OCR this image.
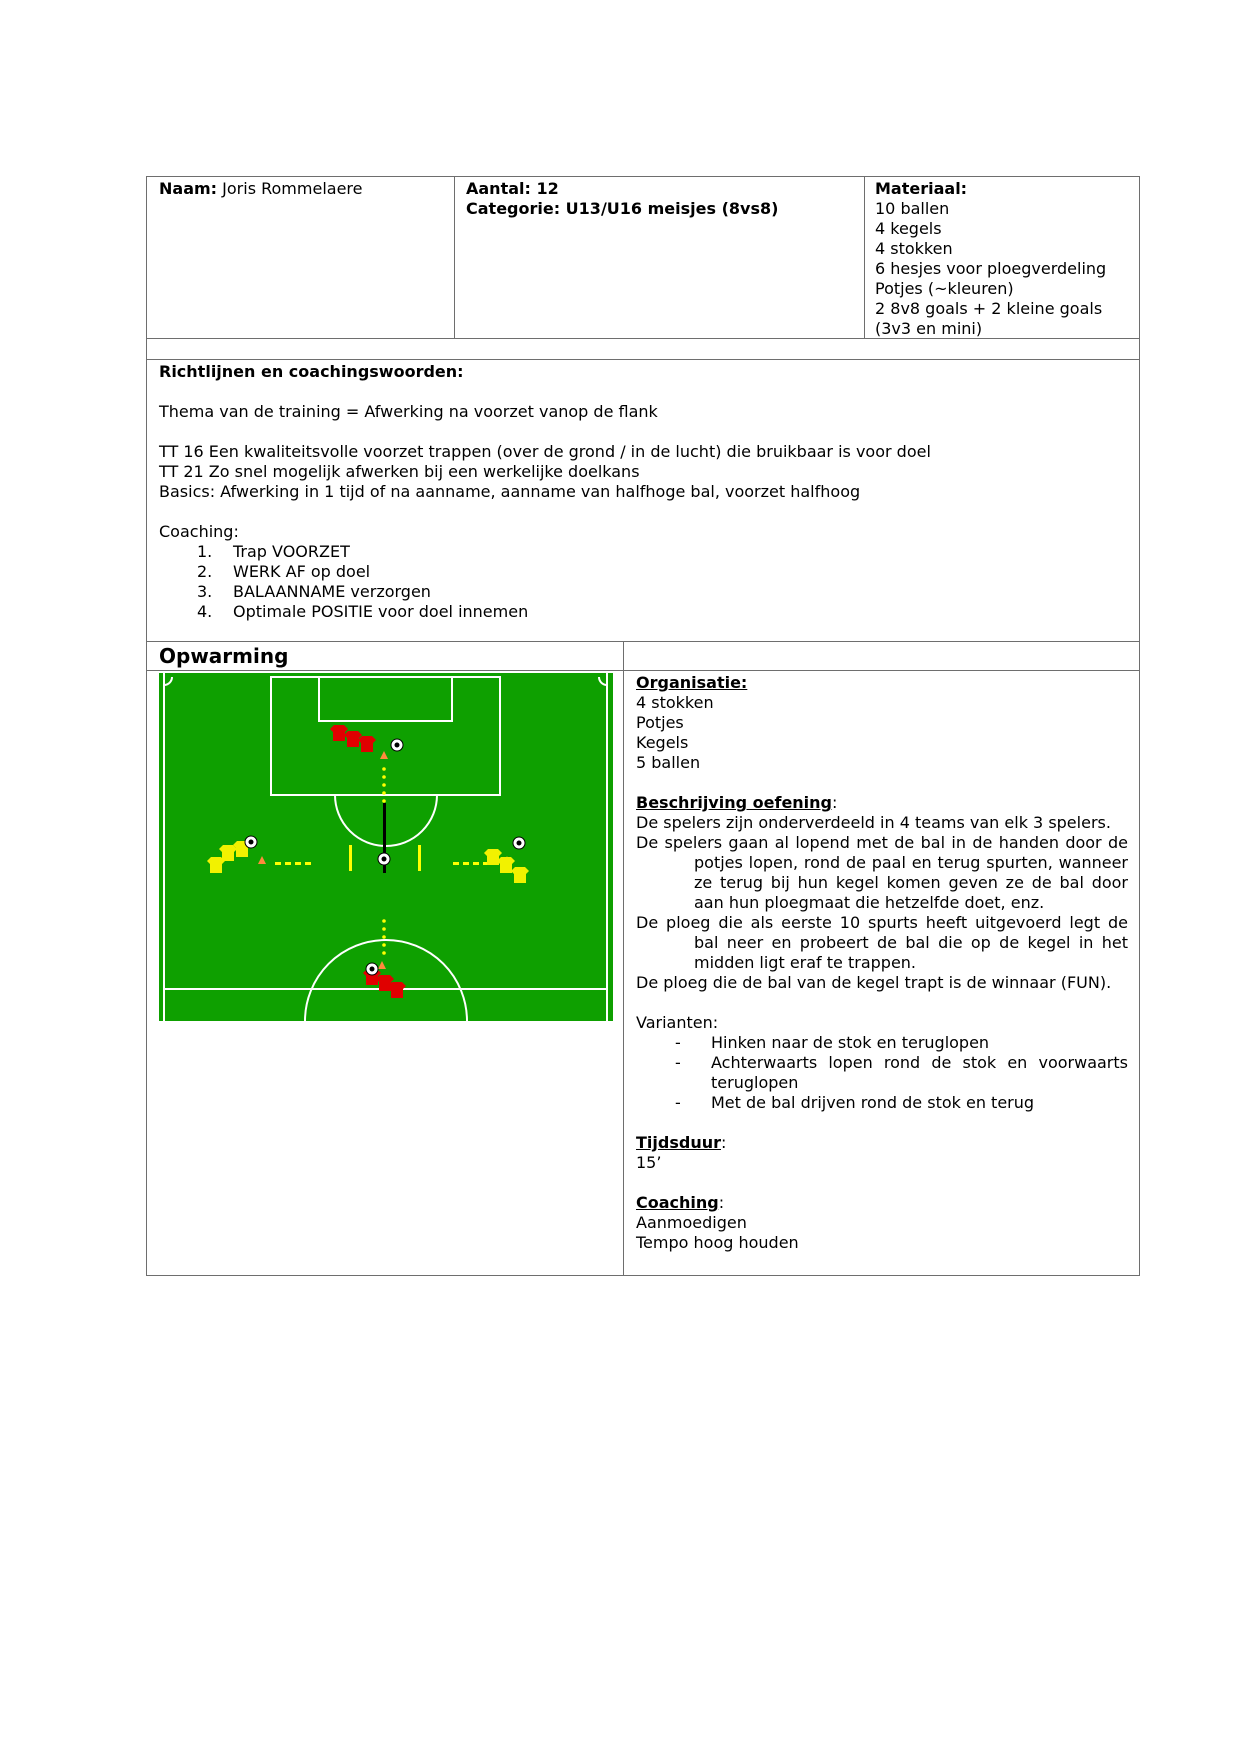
Naam: Joris Rommelaere	Aantal: 12
Categorie: U13/U16 meisjes (8vs8)
Materiaal:
10 ballen
4 kegels
4 stokken
6 hesjes voor ploegverdeling
Potjes (~kleuren)
2 8v8 goals + 2 kleine goals
(3v3 en mini)
Richtlijnen en coachingswoorden:
Thema van de training = Afwerking na voorzet vanop de flank
TT 16 Een kwaliteitsvolle voorzet trappen (over de grond / in de lucht) die bruikbaar is voor doel
TT 21 Zo snel mogelijk afwerken bij een werkelijke doelkans
Basics: Afwerking in 1 tijd of na aanname, aanname van halfhoge bal, voorzet halfhoog
Coaching:
1. Trap VOORZET
2. WERK AF op doel
3. BALAANNAME verzorgen
4. Optimale POSITIE voor doel innemen
Opwarming
Organisatie:
4 stokken
Potjes
Kegels
5 ballen
Beschrijving oefening:
De spelers zijn onderverdeeld in 4 teams van elk 3 spelers.
De spelers gaan al lopend met de bal in de handen door de
potjes lopen, rond de paal en terug spurten, wanneer ze terug bij hun kegel komen geven ze de bal door aan hun ploegmaat die hetzelfde doet, enz.
De ploeg die als eerste 10 spurts heeft uitgevoerd legt de
bal neer en probeert de bal die op de kegel in het midden ligt eraf te trappen.
De ploeg die de bal van de kegel trapt is de winnaar (FUN).
Varianten:
- Hinken naar de stok en teruglopen
- Achterwaarts lopen rond de stok en voorwaarts teruglopen
- Met de bal drijven rond de stok en terug
Tijdsduur:
15’
Coaching:
Aanmoedigen
Tempo hoog houden
